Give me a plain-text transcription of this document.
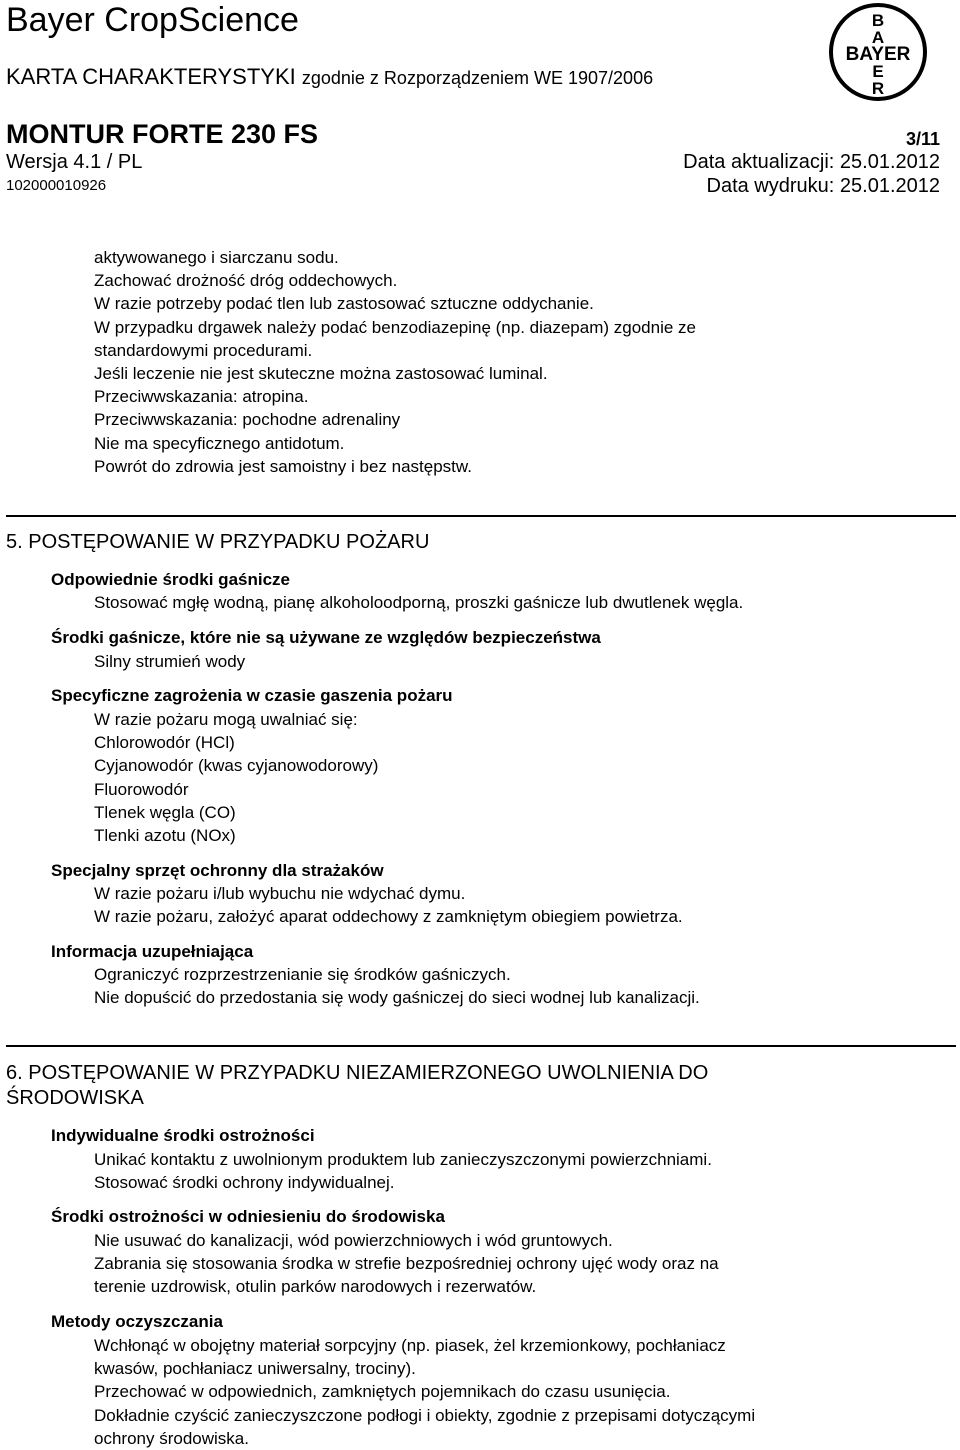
Bayer CropScience
KARTA CHARAKTERYSTYKI zgodnie z Rozporządzeniem WE 1907/2006
MONTUR FORTE 230 FS	3/11
Wersja 4.1 / PL	Data aktualizacji: 25.01.2012
102000010926	Data wydruku: 25.01.2012
B
A
BAYER
E
R
aktywowanego i siarczanu sodu.
Zachować drożność dróg oddechowych.
W razie potrzeby podać tlen lub zastosować sztuczne oddychanie.
W przypadku drgawek należy podać benzodiazepinę (np. diazepam) zgodnie ze
standardowymi procedurami.
Jeśli leczenie nie jest skuteczne można zastosować luminal.
Przeciwwskazania: atropina.
Przeciwwskazania: pochodne adrenaliny
Nie ma specyficznego antidotum.
Powrót do zdrowia jest samoistny i bez następstw.
5. POSTĘPOWANIE W PRZYPADKU POŻARU
Odpowiednie środki gaśnicze
Stosować mgłę wodną, pianę alkoholoodporną, proszki gaśnicze lub dwutlenek węgla.
Środki gaśnicze, które nie są używane ze względów bezpieczeństwa
Silny strumień wody
Specyficzne zagrożenia w czasie gaszenia pożaru
W razie pożaru mogą uwalniać się:
Chlorowodór (HCl)
Cyjanowodór (kwas cyjanowodorowy)
Fluorowodór
Tlenek węgla (CO)
Tlenki azotu (NOx)
Specjalny sprzęt ochronny dla strażaków
W razie pożaru i/lub wybuchu nie wdychać dymu.
W razie pożaru, założyć aparat oddechowy z zamkniętym obiegiem powietrza.
Informacja uzupełniająca
Ograniczyć rozprzestrzenianie się środków gaśniczych.
Nie dopuścić do przedostania się wody gaśniczej do sieci wodnej lub kanalizacji.
6. POSTĘPOWANIE W PRZYPADKU NIEZAMIERZONEGO UWOLNIENIA DO
ŚRODOWISKA
Indywidualne środki ostrożności
Unikać kontaktu z uwolnionym produktem lub zanieczyszczonymi powierzchniami.
Stosować środki ochrony indywidualnej.
Środki ostrożności w odniesieniu do środowiska
Nie usuwać do kanalizacji, wód powierzchniowych i wód gruntowych.
Zabrania się stosowania środka w strefie bezpośredniej ochrony ujęć wody oraz na
terenie uzdrowisk, otulin parków narodowych i rezerwatów.
Metody oczyszczania
Wchłonąć w obojętny materiał sorpcyjny (np. piasek, żel krzemionkowy, pochłaniacz
kwasów, pochłaniacz uniwersalny, trociny).
Przechować w odpowiednich, zamkniętych pojemnikach do czasu usunięcia.
Dokładnie czyścić zanieczyszczone podłogi i obiekty, zgodnie z przepisami dotyczącymi
ochrony środowiska.
